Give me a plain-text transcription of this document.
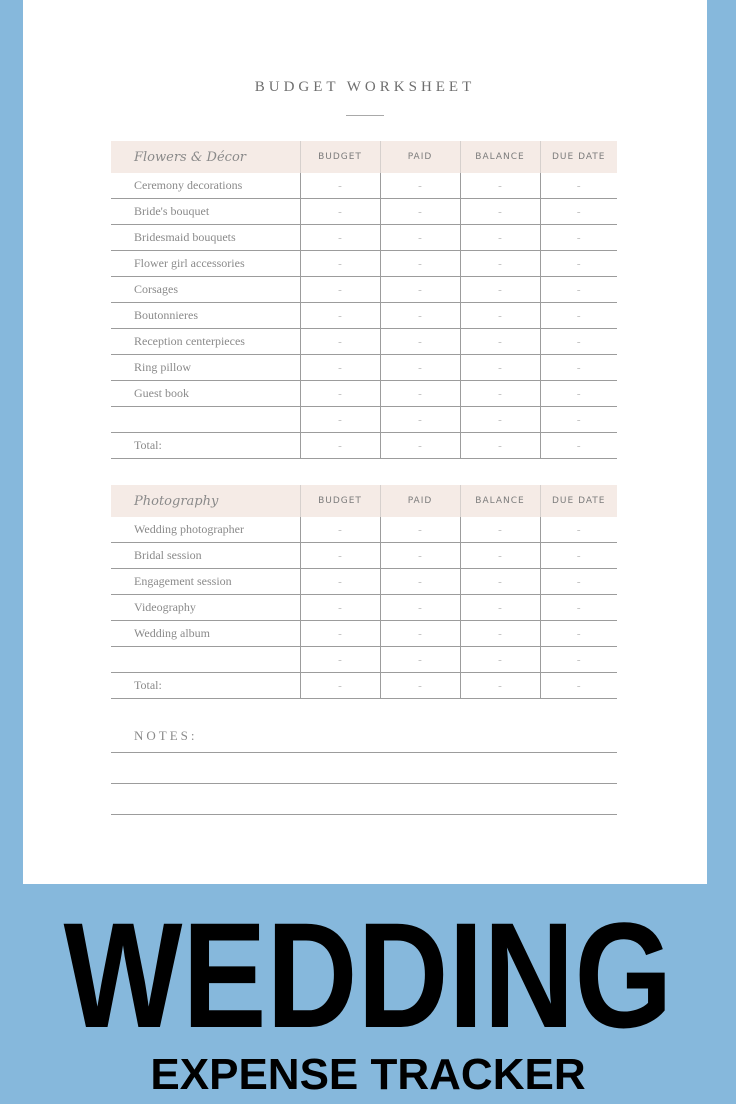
BUDGET WORKSHEET
Flowers & Décor	BUDGET	PAID	BALANCE	DUE DATE
Ceremony decorations	-	-	-	-
Bride's bouquet	-	-	-	-
Bridesmaid bouquets	-	-	-	-
Flower girl accessories	-	-	-	-
Corsages	-	-	-	-
Boutonnieres	-	-	-	-
Reception centerpieces	-	-	-	-
Ring pillow	-	-	-	-
Guest book	-	-	-	-
	-	-	-	-
Total:	-	-	-	-
Photography	BUDGET	PAID	BALANCE	DUE DATE
Wedding photographer	-	-	-	-
Bridal session	-	-	-	-
Engagement session	-	-	-	-
Videography	-	-	-	-
Wedding album	-	-	-	-
	-	-	-	-
Total:	-	-	-	-
NOTES:
WEDDING
EXPENSE TRACKER
